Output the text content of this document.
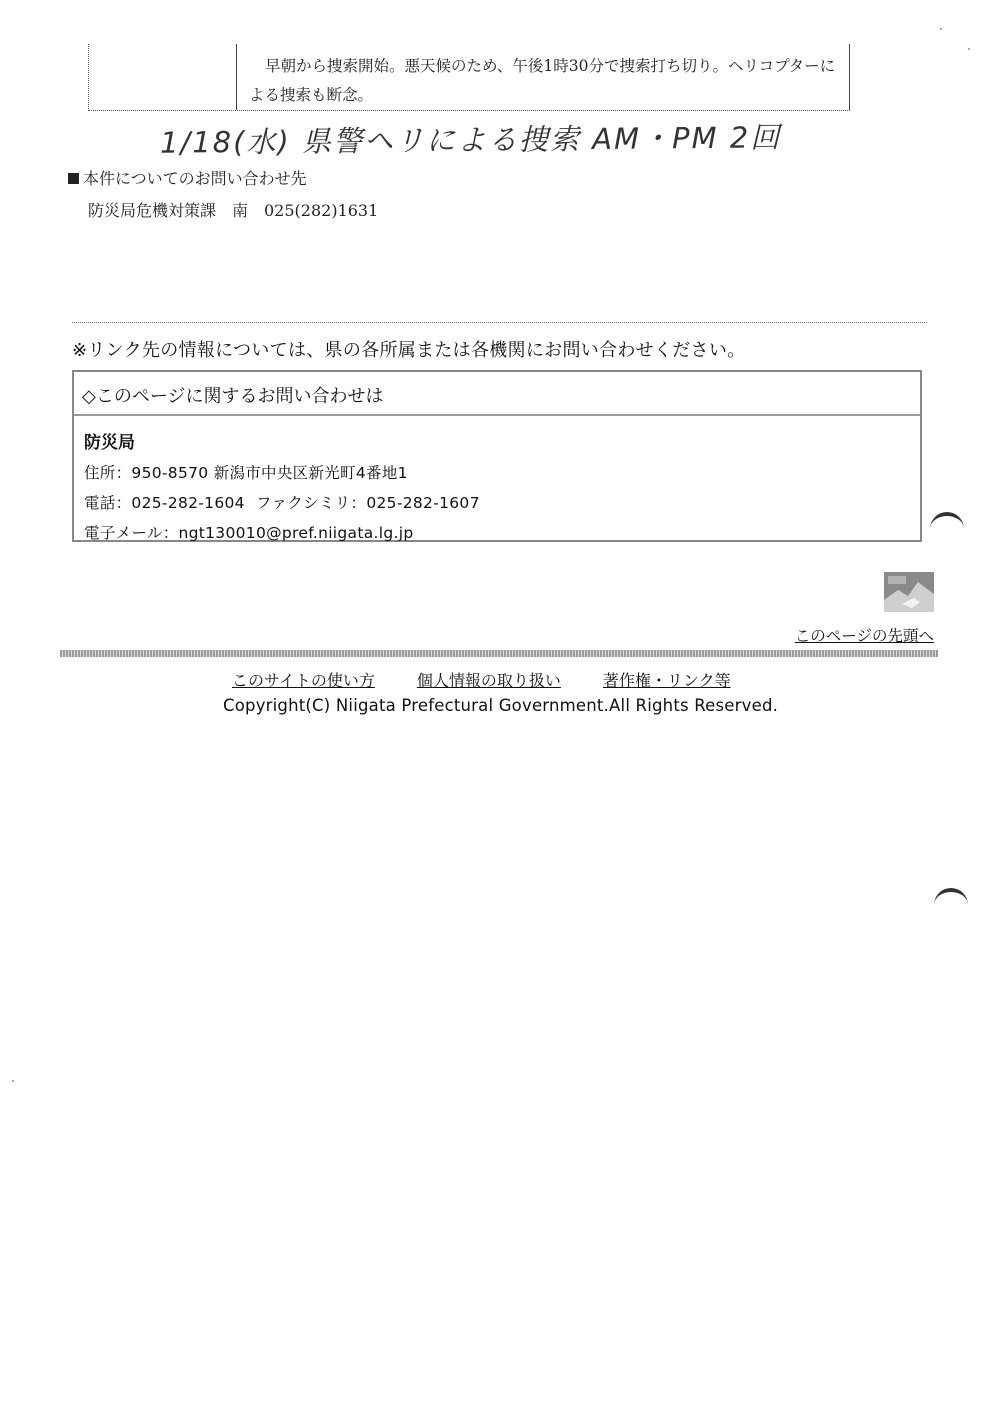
早朝から捜索開始。悪天候のため、午後1時30分で捜索打ち切り。ヘリコプターによる捜索も断念。
1/18(水) 県警ヘリによる捜索 AM・PM 2回
本件についてのお問い合わせ先
防災局危機対策課　南　025(282)1631
※リンク先の情報については、県の各所属または各機関にお問い合わせください。
◇このページに関するお問い合わせは
防災局
住所：950-8570 新潟市中央区新光町4番地1
電話：025-282-1604 ファクシミリ：025-282-1607
電子メール：ngt130010@pref.niigata.lg.jp
このページの先頭へ
このサイトの使い方	個人情報の取り扱い	著作権・リンク等
Copyright(C) Niigata Prefectural Government.All Rights Reserved.
